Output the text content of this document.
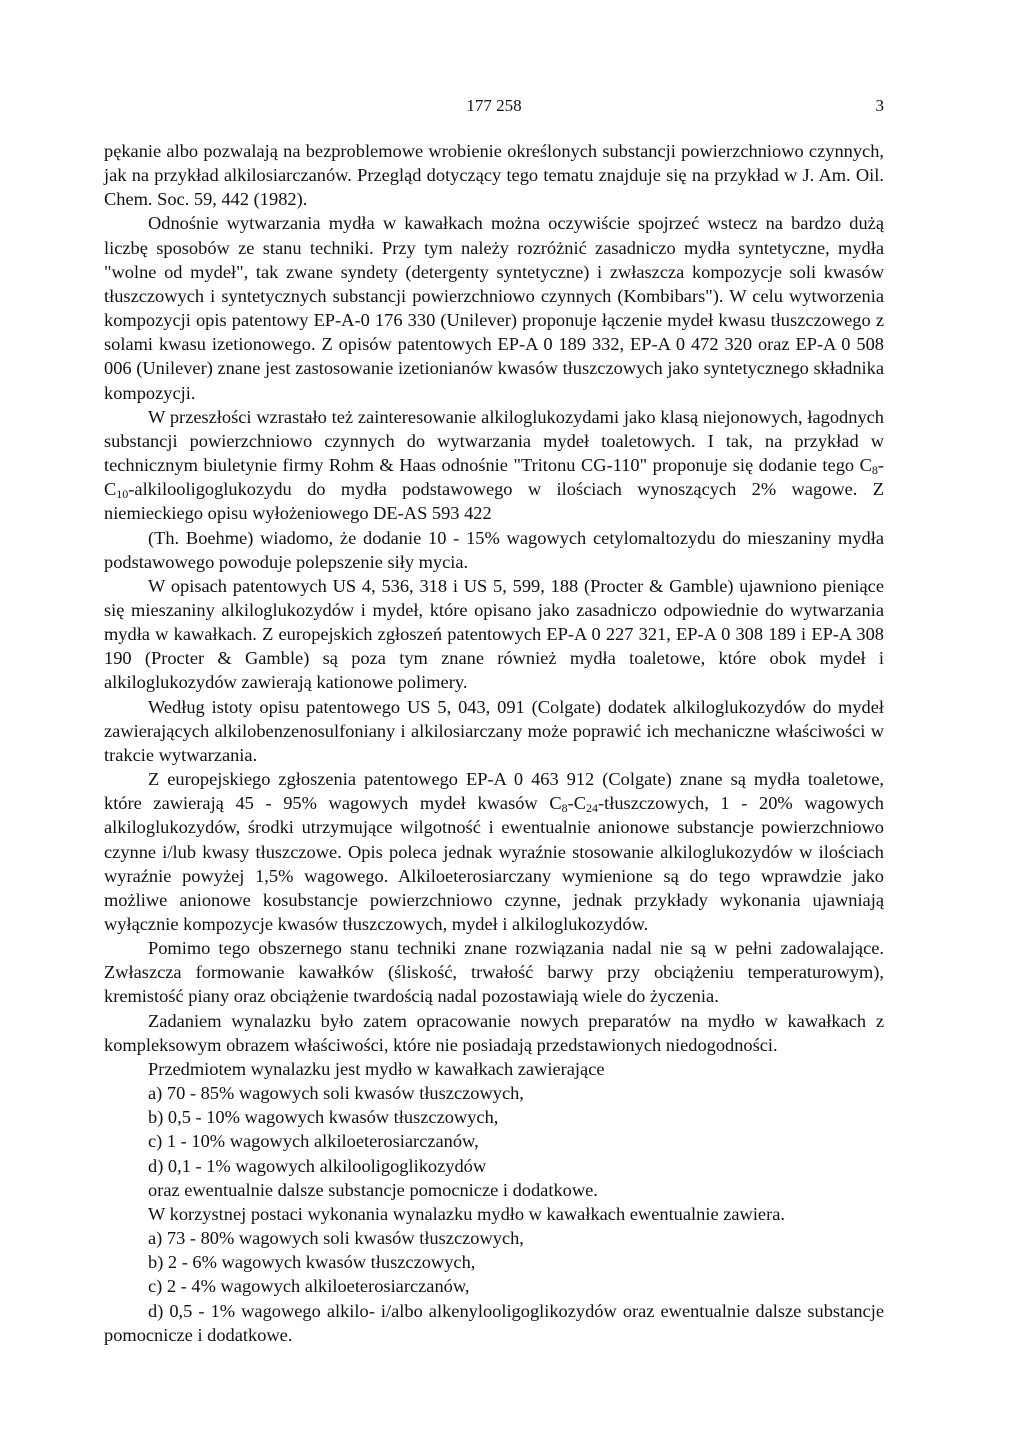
177 258	3

pękanie albo pozwalają na bezproblemowe wrobienie określonych substancji powierzchniowo czynnych, jak na przykład alkilosiarczanów. Przegląd dotyczący tego tematu znajduje się na przykład w J. Am. Oil. Chem. Soc. 59, 442 (1982).

Odnośnie wytwarzania mydła w kawałkach można oczywiście spojrzeć wstecz na bardzo dużą liczbę sposobów ze stanu techniki. Przy tym należy rozróżnić zasadniczo mydła syntetyczne, mydła "wolne od mydeł", tak zwane syndety (detergenty syntetyczne) i zwłaszcza kompozycje soli kwasów tłuszczowych i syntetycznych substancji powierzchniowo czynnych (Kombibars"). W celu wytworzenia kompozycji opis patentowy EP-A-0 176 330 (Unilever) proponuje łączenie mydeł kwasu tłuszczowego z solami kwasu izetionowego. Z opisów patentowych EP-A 0 189 332, EP-A 0 472 320 oraz EP-A 0 508 006 (Unilever) znane jest zastosowanie izetionianów kwasów tłuszczowych jako syntetycznego składnika kompozycji.

W przeszłości wzrastało też zainteresowanie alkiloglukozydami jako klasą niejonowych, łagodnych substancji powierzchniowo czynnych do wytwarzania mydeł toaletowych. I tak, na przykład w technicznym biuletynie firmy Rohm & Haas odnośnie "Tritonu CG-110" proponuje się dodanie tego $C_8-C_{10}$-alkilooligoglukozydu do mydła podstawowego w ilościach wynoszących 2% wagowe. Z niemieckiego opisu wyłożeniowego DE-AS 593 422

(Th. Boehme) wiadomo, że dodanie 10 - 15% wagowych cetylomaltozydu do mieszaniny mydła podstawowego powoduje polepszenie siły mycia.

W opisach patentowych US 4, 536, 318 i US 5, 599, 188 (Procter & Gamble) ujawniono pieniące się mieszaniny alkiloglukozydów i mydeł, które opisano jako zasadniczo odpowiednie do wytwarzania mydła w kawałkach. Z europejskich zgłoszeń patentowych EP-A 0 227 321, EP-A 0 308 189 i EP-A 308 190 (Procter & Gamble) są poza tym znane również mydła toaletowe, które obok mydeł i alkiloglukozydów zawierają kationowe polimery.

Według istoty opisu patentowego US 5, 043, 091 (Colgate) dodatek alkiloglukozydów do mydeł zawierających alkilobenzenosulfoniany i alkilosiarczany może poprawić ich mechaniczne właściwości w trakcie wytwarzania.

Z europejskiego zgłoszenia patentowego EP-A 0 463 912 (Colgate) znane są mydła toaletowe, które zawierają 45 - 95% wagowych mydeł kwasów $C_8-C_{24}$-tłuszczowych, 1 - 20% wagowych alkiloglukozydów, środki utrzymujące wilgotność i ewentualnie anionowe substancje powierzchniowo czynne i/lub kwasy tłuszczowe. Opis poleca jednak wyraźnie stosowanie alkiloglukozydów w ilościach wyraźnie powyżej 1,5% wagowego. Alkiloeterosiarczany wymienione są do tego wprawdzie jako możliwe anionowe kosubstancje powierzchniowo czynne, jednak przykłady wykonania ujawniają wyłącznie kompozycje kwasów tłuszczowych, mydeł i alkiloglukozydów.

Pomimo tego obszernego stanu techniki znane rozwiązania nadal nie są w pełni zadowalające. Zwłaszcza formowanie kawałków (śliskość, trwałość barwy przy obciążeniu temperaturowym), kremistość piany oraz obciążenie twardością nadal pozostawiają wiele do życzenia.

Zadaniem wynalazku było zatem opracowanie nowych preparatów na mydło w kawałkach z kompleksowym obrazem właściwości, które nie posiadają przedstawionych niedogodności.

Przedmiotem wynalazku jest mydło w kawałkach zawierające

a) 70 - 85% wagowych soli kwasów tłuszczowych,

b) 0,5 - 10% wagowych kwasów tłuszczowych,

c) 1 - 10% wagowych alkiloeterosiarczanów,

d) 0,1 - 1% wagowych alkilooligoglikozydów

oraz ewentualnie dalsze substancje pomocnicze i dodatkowe.

W korzystnej postaci wykonania wynalazku mydło w kawałkach ewentualnie zawiera.

a) 73 - 80% wagowych soli kwasów tłuszczowych,

b) 2 - 6% wagowych kwasów tłuszczowych,

c) 2 - 4% wagowych alkiloeterosiarczanów,

d) 0,5 - 1% wagowego alkilo- i/albo alkenylooligoglikozydów oraz ewentualnie dalsze substancje pomocnicze i dodatkowe.
